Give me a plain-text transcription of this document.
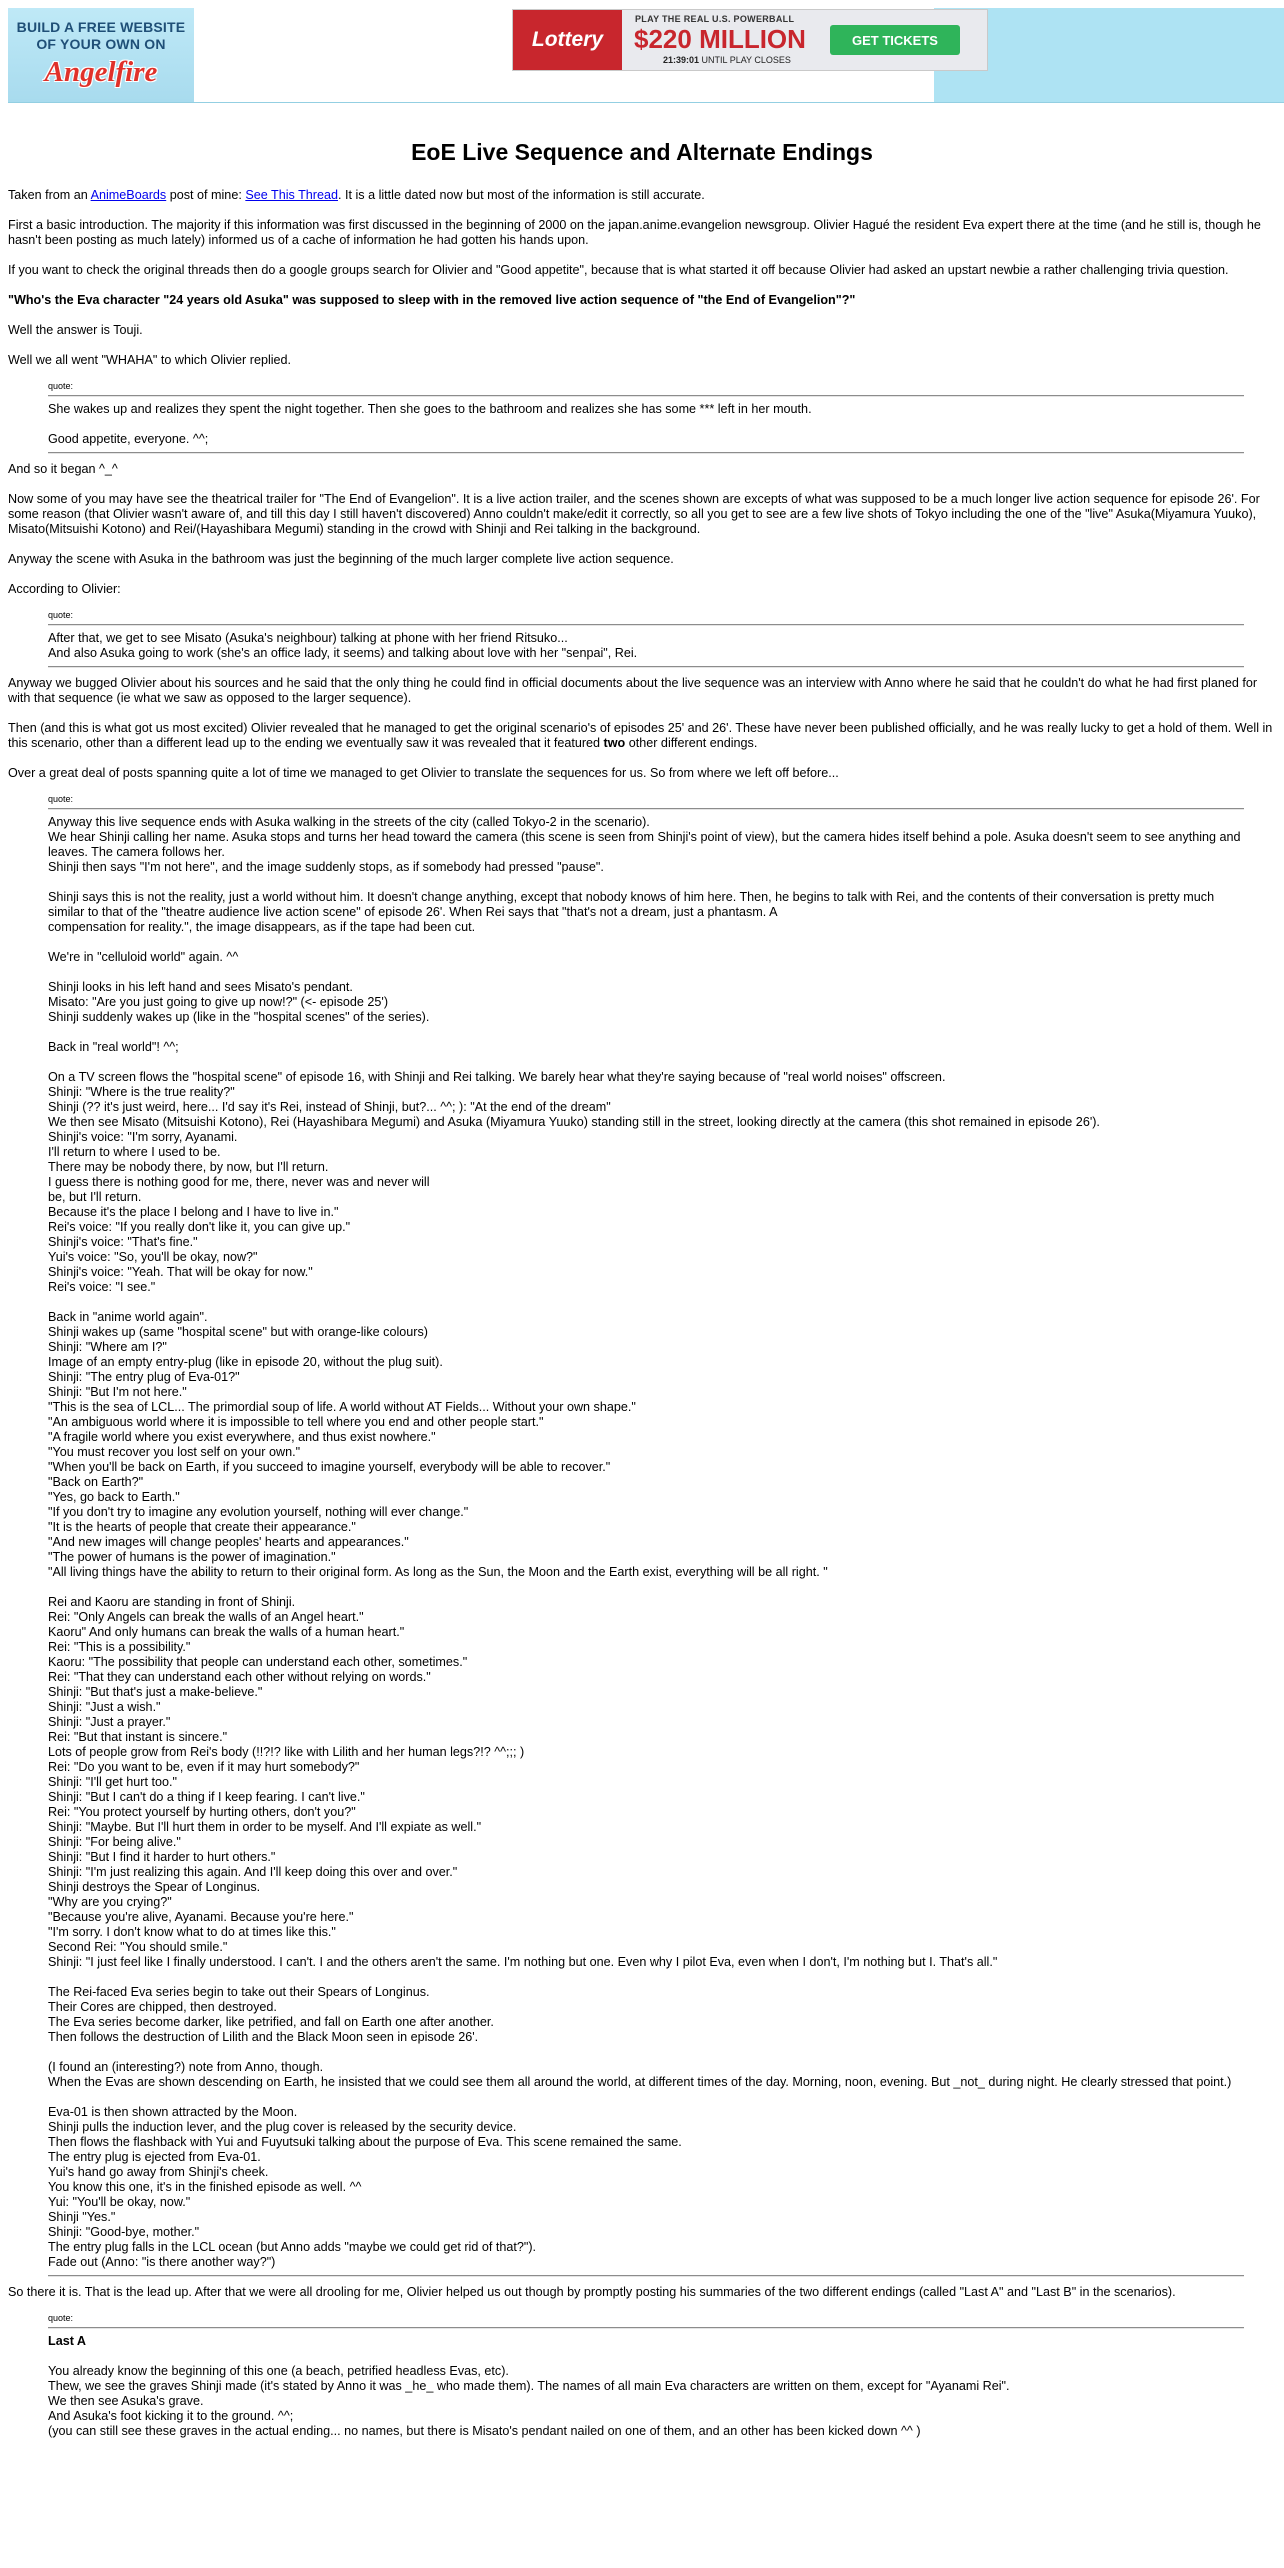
BUILD A FREE WEBSITE
OF YOUR OWN ON
Angelfire
Lottery
PLAY THE REAL U.S. POWERBALL
$220 MILLION
21:39:01 UNTIL PLAY CLOSES
GET TICKETS
EoE Live Sequence and Alternate Endings

Taken from an AnimeBoards post of mine: See This Thread. It is a little dated now but most of the information is still accurate.

First a basic introduction. The majority if this information was first discussed in the beginning of 2000 on the japan.anime.evangelion newsgroup. Olivier Hagué the resident Eva expert there at the time (and he still is, though he hasn't been posting as much lately) informed us of a cache of information he had gotten his hands upon.

If you want to check the original threads then do a google groups search for Olivier and "Good appetite", because that is what started it off because Olivier had asked an upstart newbie a rather challenging trivia question.

"Who's the Eva character "24 years old Asuka" was supposed to sleep with in the removed live action sequence of "the End of Evangelion"?"

Well the answer is Touji.

Well we all went "WHAHA" to which Olivier replied.

quote:
She wakes up and realizes they spent the night together. Then she goes to the bathroom and realizes she has some *** left in her mouth.

Good appetite, everyone. ^^;

And so it began ^_^

Now some of you may have see the theatrical trailer for "The End of Evangelion". It is a live action trailer, and the scenes shown are excepts of what was supposed to be a much longer live action sequence for episode 26'. For some reason (that Olivier wasn't aware of, and till this day I still haven't discovered) Anno couldn't make/edit it correctly, so all you get to see are a few live shots of Tokyo including the one of the "live" Asuka(Miyamura Yuuko), Misato(Mitsuishi Kotono) and Rei/(Hayashibara Megumi) standing in the crowd with Shinji and Rei talking in the background.

Anyway the scene with Asuka in the bathroom was just the beginning of the much larger complete live action sequence.

According to Olivier:

quote:
After that, we get to see Misato (Asuka's neighbour) talking at phone with her friend Ritsuko...
And also Asuka going to work (she's an office lady, it seems) and talking about love with her "senpai", Rei.

Anyway we bugged Olivier about his sources and he said that the only thing he could find in official documents about the live sequence was an interview with Anno where he said that he couldn't do what he had first planed for with that sequence (ie what we saw as opposed to the larger sequence).

Then (and this is what got us most excited) Olivier revealed that he managed to get the original scenario's of episodes 25' and 26'. These have never been published officially, and he was really lucky to get a hold of them. Well in this scenario, other than a different lead up to the ending we eventually saw it was revealed that it featured two other different endings.

Over a great deal of posts spanning quite a lot of time we managed to get Olivier to translate the sequences for us. So from where we left off before...

quote:
Anyway this live sequence ends with Asuka walking in the streets of the city (called Tokyo-2 in the scenario).
We hear Shinji calling her name. Asuka stops and turns her head toward the camera (this scene is seen from Shinji's point of view), but the camera hides itself behind a pole. Asuka doesn't seem to see anything and leaves. The camera follows her.
Shinji then says "I'm not here", and the image suddenly stops, as if somebody had pressed "pause".

Shinji says this is not the reality, just a world without him. It doesn't change anything, except that nobody knows of him here. Then, he begins to talk with Rei, and the contents of their conversation is pretty much similar to that of the "theatre audience live action scene" of episode 26'. When Rei says that "that's not a dream, just a phantasm. A
compensation for reality.", the image disappears, as if the tape had been cut.

We're in "celluloid world" again. ^^

Shinji looks in his left hand and sees Misato's pendant.
Misato: "Are you just going to give up now!?" (<- episode 25')
Shinji suddenly wakes up (like in the "hospital scenes" of the series).

Back in "real world"! ^^;

On a TV screen flows the "hospital scene" of episode 16, with Shinji and Rei talking. We barely hear what they're saying because of "real world noises" offscreen.
Shinji: "Where is the true reality?"
Shinji (?? it's just weird, here... I'd say it's Rei, instead of Shinji, but?... ^^; ): "At the end of the dream"
We then see Misato (Mitsuishi Kotono), Rei (Hayashibara Megumi) and Asuka (Miyamura Yuuko) standing still in the street, looking directly at the camera (this shot remained in episode 26').
Shinji's voice: "I'm sorry, Ayanami.
I'll return to where I used to be.
There may be nobody there, by now, but I'll return.
I guess there is nothing good for me, there, never was and never will
be, but I'll return.
Because it's the place I belong and I have to live in."
Rei's voice: "If you really don't like it, you can give up."
Shinji's voice: "That's fine."
Yui's voice: "So, you'll be okay, now?"
Shinji's voice: "Yeah. That will be okay for now."
Rei's voice: "I see."

Back in "anime world again".
Shinji wakes up (same "hospital scene" but with orange-like colours)
Shinji: "Where am I?"
Image of an empty entry-plug (like in episode 20, without the plug suit).
Shinji: "The entry plug of Eva-01?"
Shinji: "But I'm not here."
"This is the sea of LCL... The primordial soup of life. A world without AT Fields... Without your own shape."
"An ambiguous world where it is impossible to tell where you end and other people start."
"A fragile world where you exist everywhere, and thus exist nowhere."
"You must recover you lost self on your own."
"When you'll be back on Earth, if you succeed to imagine yourself, everybody will be able to recover."
"Back on Earth?"
"Yes, go back to Earth."
"If you don't try to imagine any evolution yourself, nothing will ever change."
"It is the hearts of people that create their appearance."
"And new images will change peoples' hearts and appearances."
"The power of humans is the power of imagination."
"All living things have the ability to return to their original form. As long as the Sun, the Moon and the Earth exist, everything will be all right. "

Rei and Kaoru are standing in front of Shinji.
Rei: "Only Angels can break the walls of an Angel heart."
Kaoru" And only humans can break the walls of a human heart."
Rei: "This is a possibility."
Kaoru: "The possibility that people can understand each other, sometimes."
Rei: "That they can understand each other without relying on words."
Shinji: "But that's just a make-believe."
Shinji: "Just a wish."
Shinji: "Just a prayer."
Rei: "But that instant is sincere."
Lots of people grow from Rei's body (!!?!? like with Lilith and her human legs?!? ^^;;; )
Rei: "Do you want to be, even if it may hurt somebody?"
Shinji: "I'll get hurt too."
Shinji: "But I can't do a thing if I keep fearing. I can't live."
Rei: "You protect yourself by hurting others, don't you?"
Shinji: "Maybe. But I'll hurt them in order to be myself. And I'll expiate as well."
Shinji: "For being alive."
Shinji: "But I find it harder to hurt others."
Shinji: "I'm just realizing this again. And I'll keep doing this over and over."
Shinji destroys the Spear of Longinus.
"Why are you crying?"
"Because you're alive, Ayanami. Because you're here."
"I'm sorry. I don't know what to do at times like this."
Second Rei: "You should smile."
Shinji: "I just feel like I finally understood. I can't. I and the others aren't the same. I'm nothing but one. Even why I pilot Eva, even when I don't, I'm nothing but I. That's all."

The Rei-faced Eva series begin to take out their Spears of Longinus.
Their Cores are chipped, then destroyed.
The Eva series become darker, like petrified, and fall on Earth one after another.
Then follows the destruction of Lilith and the Black Moon seen in episode 26'.

(I found an (interesting?) note from Anno, though.
When the Evas are shown descending on Earth, he insisted that we could see them all around the world, at different times of the day. Morning, noon, evening. But _not_ during night. He clearly stressed that point.)

Eva-01 is then shown attracted by the Moon.
Shinji pulls the induction lever, and the plug cover is released by the security device.
Then flows the flashback with Yui and Fuyutsuki talking about the purpose of Eva. This scene remained the same.
The entry plug is ejected from Eva-01.
Yui's hand go away from Shinji's cheek.
You know this one, it's in the finished episode as well. ^^
Yui: "You'll be okay, now."
Shinji "Yes."
Shinji: "Good-bye, mother."
The entry plug falls in the LCL ocean (but Anno adds "maybe we could get rid of that?").
Fade out (Anno: "is there another way?")

So there it is. That is the lead up. After that we were all drooling for me, Olivier helped us out though by promptly posting his summaries of the two different endings (called "Last A" and "Last B" in the scenarios).

quote:
Last A
You already know the beginning of this one (a beach, petrified headless Evas, etc).
Thew, we see the graves Shinji made (it's stated by Anno it was _he_ who made them). The names of all main Eva characters are written on them, except for "Ayanami Rei".
We then see Asuka's grave.
And Asuka's foot kicking it to the ground. ^^;
(you can still see these graves in the actual ending... no names, but there is Misato's pendant nailed on one of them, and an other has been kicked down ^^ )
